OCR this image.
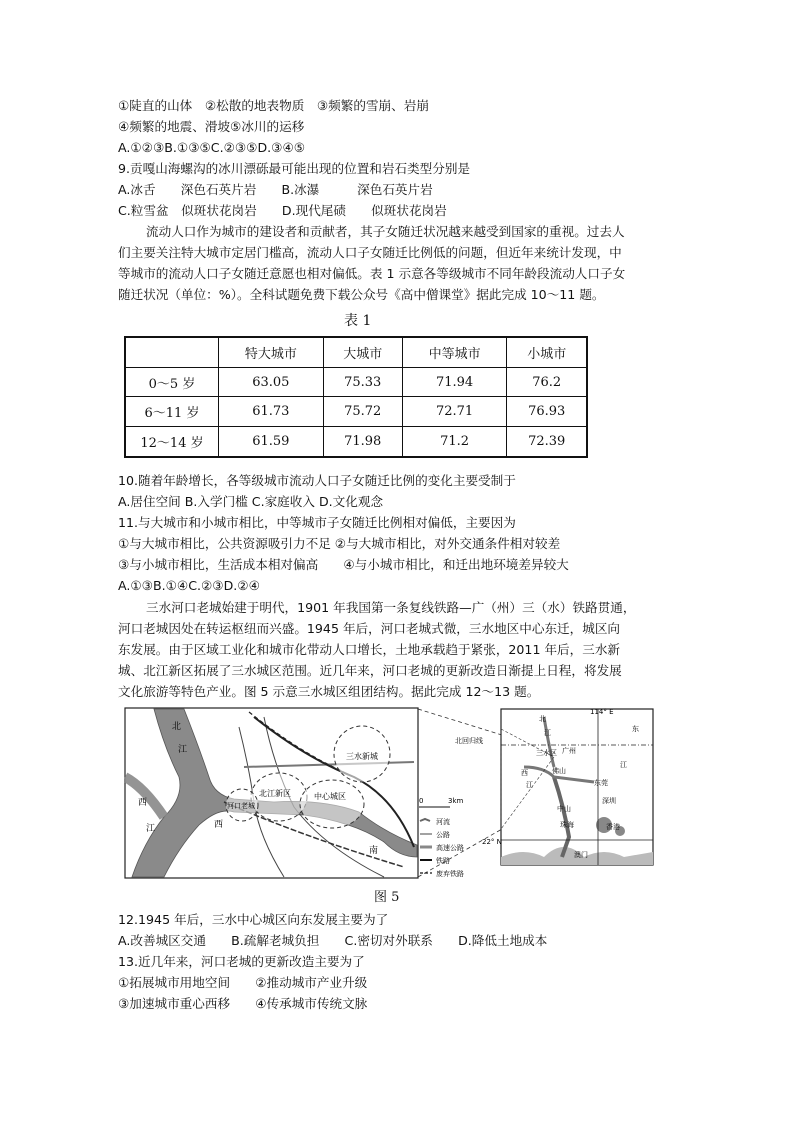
①陡直的山体　②松散的地表物质　③频繁的雪崩、岩崩
④频繁的地震、滑坡⑤冰川的运移
A.①②③B.①③⑤C.②③⑤D.③④⑤
9.贡嘎山海螺沟的冰川漂砾最可能出现的位置和岩石类型分别是
A.冰舌　　深色石英片岩　　B.冰瀑　　　深色石英片岩
C.粒雪盆　似斑状花岗岩　　D.现代尾碛　　似斑状花岗岩
流动人口作为城市的建设者和贡献者，其子女随迁状况越来越受到国家的重视。过去人
们主要关注特大城市定居门槛高，流动人口子女随迁比例低的问题，但近年来统计发现，中
等城市的流动人口子女随迁意愿也相对偏低。表 1 示意各等级城市不同年龄段流动人口子女
随迁状况（单位：%）。全科试题免费下载公众号《高中僧课堂》据此完成 10～11 题。
表 1
	特大城市	大城市	中等城市	小城市
0～5 岁	63.05	75.33	71.94	76.2
6～11 岁	61.73	75.72	72.71	76.93
12～14 岁	61.59	71.98	71.2	72.39
10.随着年龄增长，各等级城市流动人口子女随迁比例的变化主要受制于
A.居住空间 B.入学门槛 C.家庭收入 D.文化观念
11.与大城市和小城市相比，中等城市子女随迁比例相对偏低，主要因为
①与大城市相比，公共资源吸引力不足 ②与大城市相比，对外交通条件相对较差
③与小城市相比，生活成本相对偏高　　④与小城市相比，和迁出地环境差异较大
A.①③B.①④C.②③D.②④
三水河口老城始建于明代，1901 年我国第一条复线铁路—广（州）三（水）铁路贯通，
河口老城因处在转运枢纽而兴盛。1945 年后，河口老城式微，三水地区中心东迁，城区向
东发展。由于区域工业化和城市化带动人口增长，土地承载趋于紧张，2011 年后，三水新
城、北江新区拓展了三水城区范围。近几年来，河口老城的更新改造日渐提上日程，将发展
文化旅游等特色产业。图 5 示意三水城区组团结构。据此完成 12～13 题。
三水新城
北江新区
河口老城
中心城区
北
江
西
江	西
南
0	3km
河流
公路
高速公路
铁路
废弃铁路
114° E
22° N
北回归线
三水区 广州
佛山
东莞
深圳
中山
珠海	香港
澳门
北
江
西
江
东
江
图 5
12.1945 年后，三水中心城区向东发展主要为了
A.改善城区交通　　B.疏解老城负担　　C.密切对外联系　　D.降低土地成本
13.近几年来，河口老城的更新改造主要为了
①拓展城市用地空间　　②推动城市产业升级
③加速城市重心西移　　④传承城市传统文脉
